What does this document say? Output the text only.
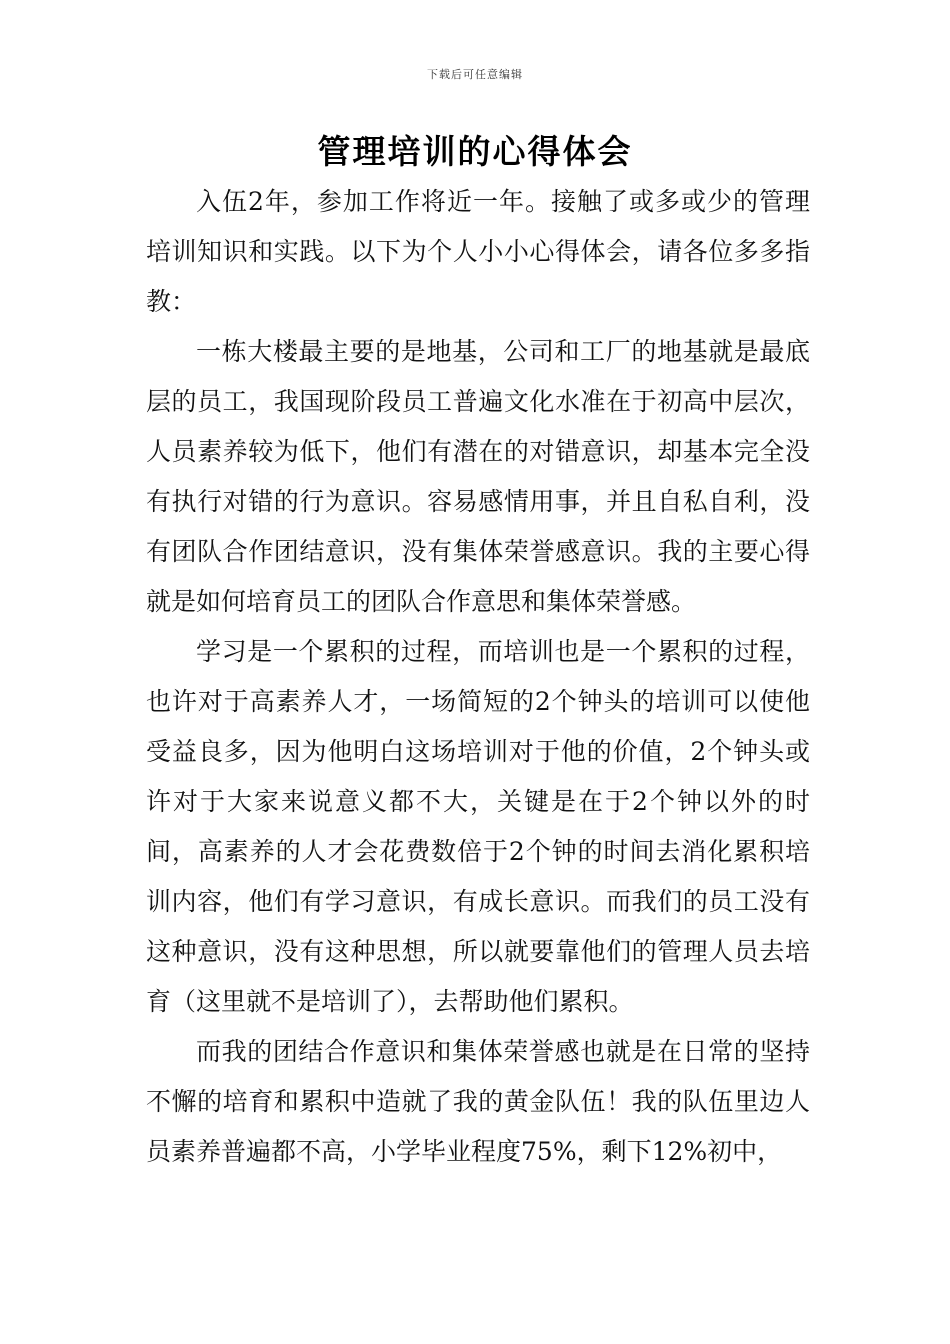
下载后可任意编辑
管理培训的心得体会

入伍2年，参加工作将近一年。接触了或多或少的管理培训知识和实践。以下为个人小小心得体会，请各位多多指教：

一栋大楼最主要的是地基，公司和工厂的地基就是最底层的员工，我国现阶段员工普遍文化水准在于初高中层次，人员素养较为低下，他们有潜在的对错意识，却基本完全没有执行对错的行为意识。容易感情用事，并且自私自利，没有团队合作团结意识，没有集体荣誉感意识。我的主要心得就是如何培育员工的团队合作意思和集体荣誉感。

学习是一个累积的过程，而培训也是一个累积的过程，也许对于高素养人才，一场简短的2个钟头的培训可以使他受益良多，因为他明白这场培训对于他的价值，2个钟头或许对于大家来说意义都不大，关键是在于2个钟以外的时间，高素养的人才会花费数倍于2个钟的时间去消化累积培训内容，他们有学习意识，有成长意识。而我们的员工没有这种意识，没有这种思想，所以就要靠他们的管理人员去培育（这里就不是培训了），去帮助他们累积。

而我的团结合作意识和集体荣誉感也就是在日常的坚持不懈的培育和累积中造就了我的黄金队伍！我的队伍里边人员素养普遍都不高，小学毕业程度75%，剩下12%初中，
